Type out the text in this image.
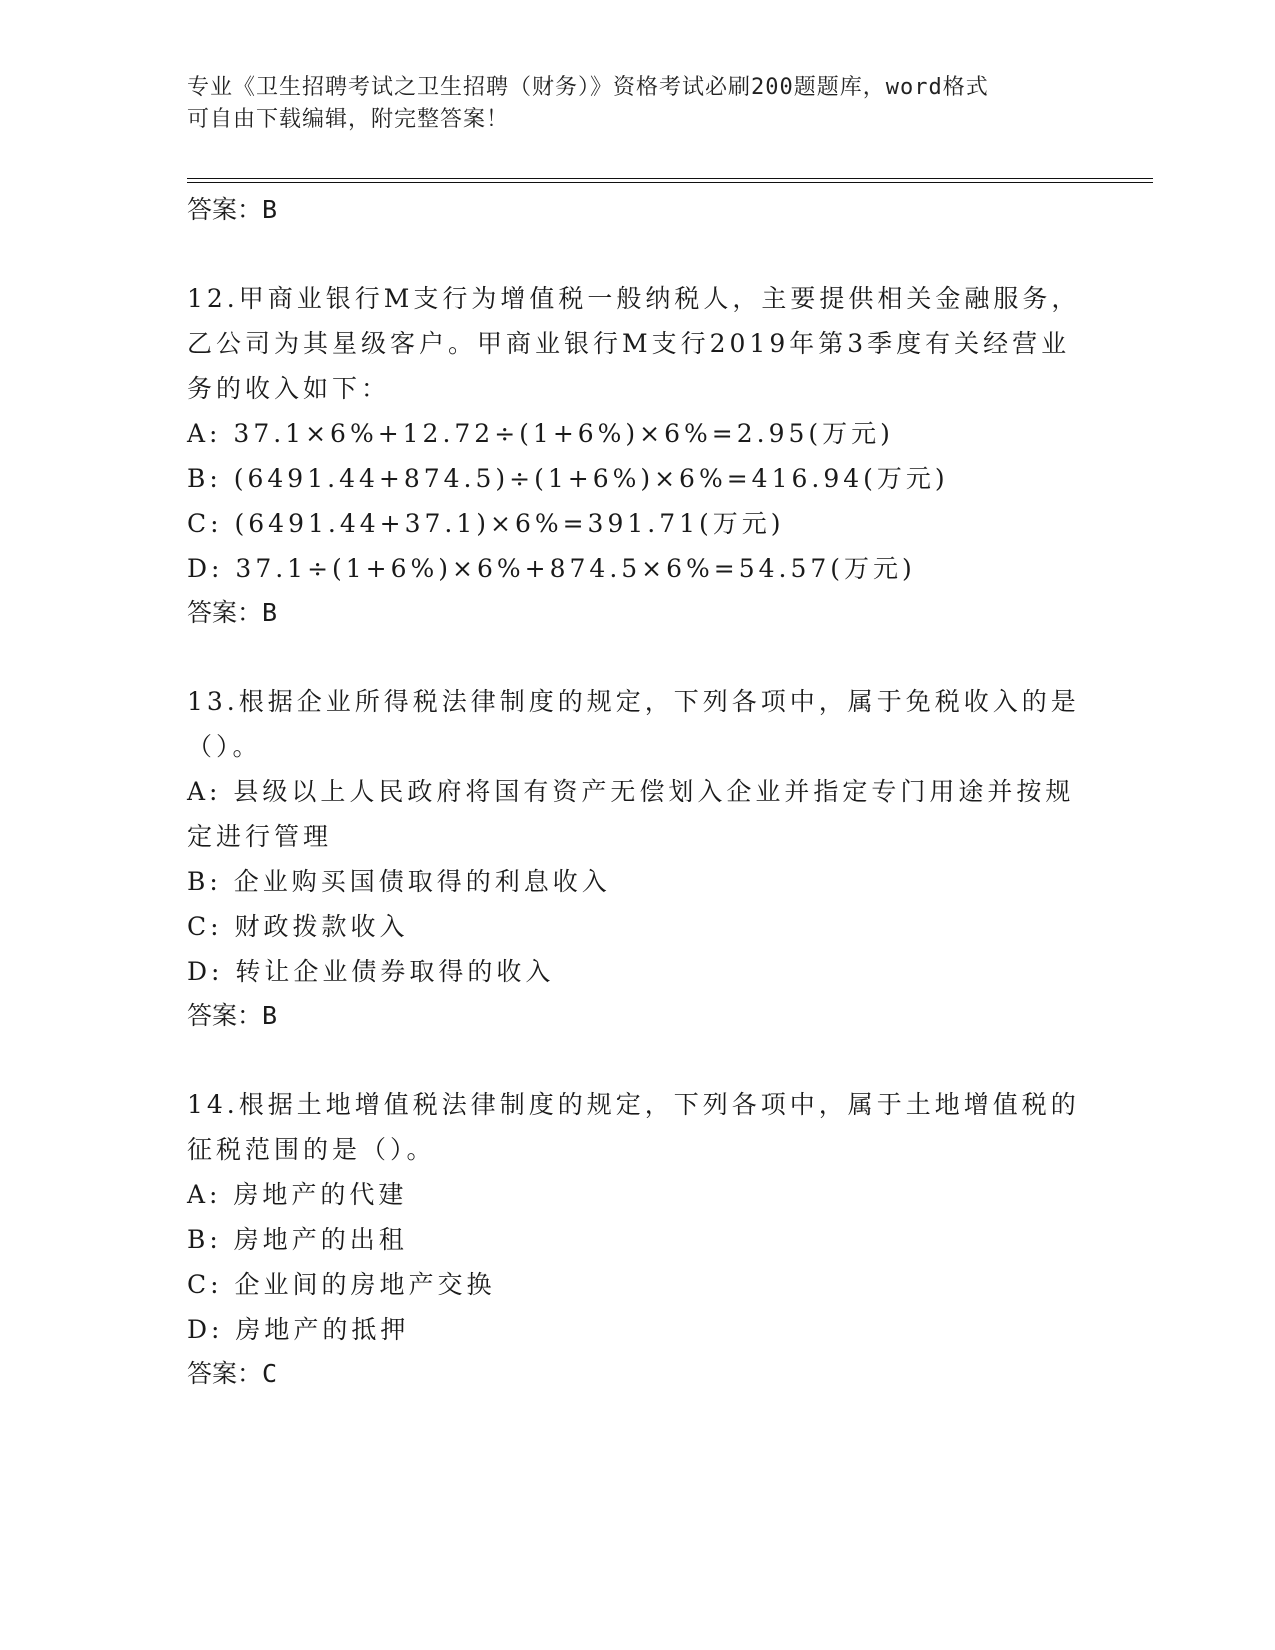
专业《卫生招聘考试之卫生招聘（财务）》资格考试必刷200题题库，word格式
可自由下载编辑，附完整答案！

答案：B

12.甲商业银行M支行为增值税一般纳税人，主要提供相关金融服务，

乙公司为其星级客户。甲商业银行M支行2019年第3季度有关经营业

务的收入如下：

A: 37.1×6%+12.72÷(1+6%)×6%=2.95(万元)

B: (6491.44+874.5)÷(1+6%)×6%=416.94(万元)

C: (6491.44+37.1)×6%=391.71(万元)

D: 37.1÷(1+6%)×6%+874.5×6%=54.57(万元)

答案：B

13.根据企业所得税法律制度的规定，下列各项中，属于免税收入的是

（）。

A: 县级以上人民政府将国有资产无偿划入企业并指定专门用途并按规

定进行管理

B: 企业购买国债取得的利息收入

C: 财政拨款收入

D: 转让企业债券取得的收入

答案：B

14.根据土地增值税法律制度的规定，下列各项中，属于土地增值税的

征税范围的是（）。

A: 房地产的代建

B: 房地产的出租

C: 企业间的房地产交换

D: 房地产的抵押

答案：C
